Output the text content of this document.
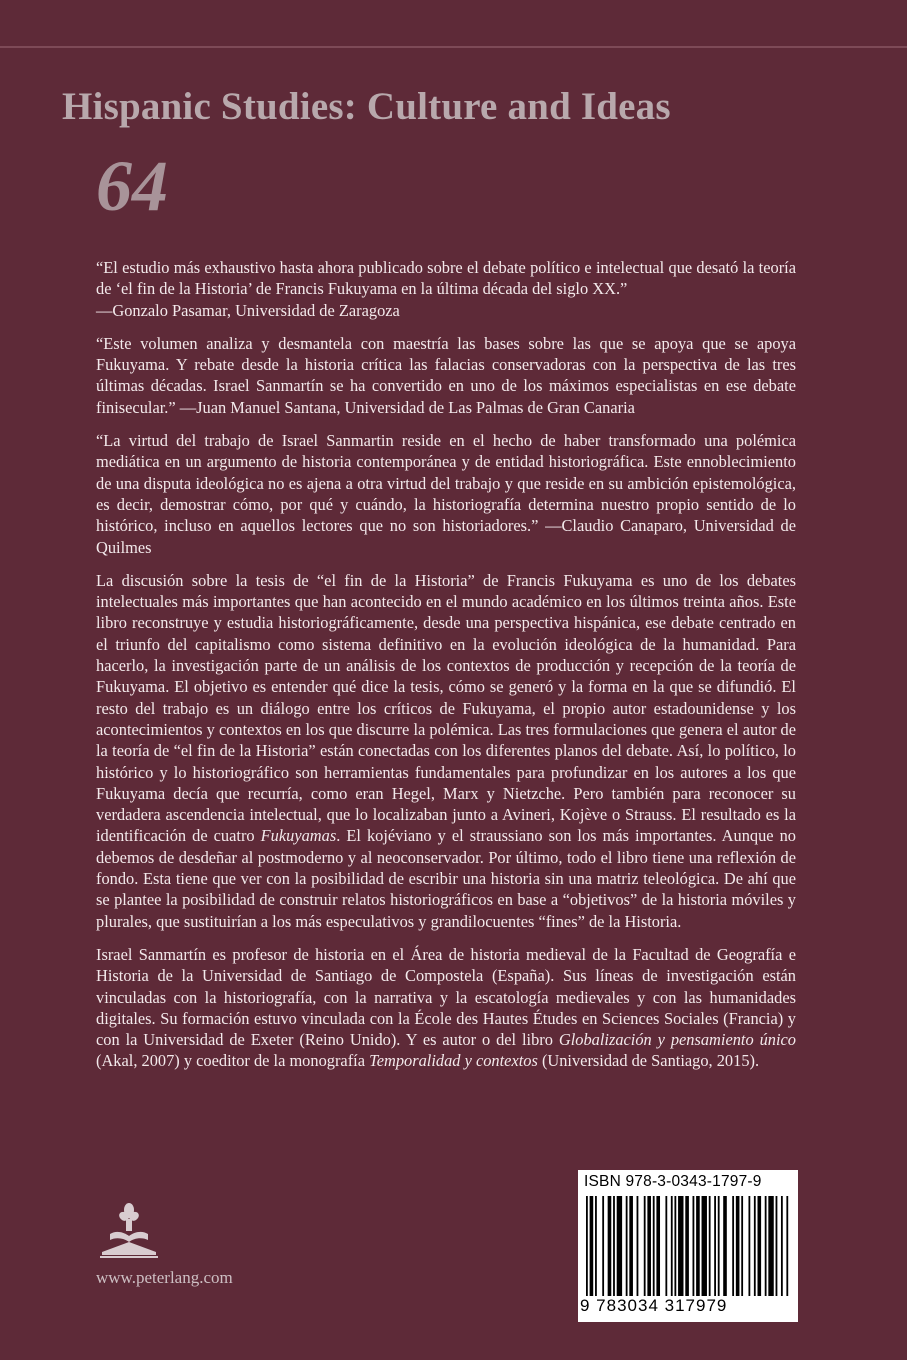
Hispanic Studies: Culture and Ideas
64

“El estudio más exhaustivo hasta ahora publicado sobre el debate político e intelectual que desató la teoría de ‘el fin de la Historia’ de Francis Fukuyama en la última década del siglo XX.”
—Gonzalo Pasamar, Universidad de Zaragoza

“Este volumen analiza y desmantela con maestría las bases sobre las que se apoya que se apoya Fukuyama. Y rebate desde la historia crítica las falacias conservadoras con la perspectiva de las tres últimas décadas. Israel Sanmartín se ha convertido en uno de los máximos especialistas en ese debate finisecular.” —Juan Manuel Santana, Universidad de Las Palmas de Gran Canaria

“La virtud del trabajo de Israel Sanmartin reside en el hecho de haber transformado una polémica mediática en un argumento de historia contemporánea y de entidad historiográfica. Este ennoblecimiento de una disputa ideológica no es ajena a otra virtud del trabajo y que reside en su ambición epistemológica, es decir, demostrar cómo, por qué y cuándo, la historiografía determina nuestro propio sentido de lo histórico, incluso en aquellos lectores que no son historiadores.” —Claudio Canaparo, Universidad de Quilmes

La discusión sobre la tesis de “el fin de la Historia” de Francis Fukuyama es uno de los debates intelectuales más importantes que han acontecido en el mundo académico en los últimos treinta años. Este libro reconstruye y estudia historiográficamente, desde una perspectiva hispánica, ese debate centrado en el triunfo del capitalismo como sistema definitivo en la evolución ideológica de la humanidad. Para hacerlo, la investigación parte de un análisis de los contextos de producción y recepción de la teoría de Fukuyama. El objetivo es entender qué dice la tesis, cómo se generó y la forma en la que se difundió. El resto del trabajo es un diálogo entre los críticos de Fukuyama, el propio autor estadounidense y los acontecimientos y contextos en los que discurre la polémica. Las tres formulaciones que genera el autor de la teoría de “el fin de la Historia” están conectadas con los diferentes planos del debate. Así, lo político, lo histórico y lo historiográfico son herramientas fundamentales para profundizar en los autores a los que Fukuyama decía que recurría, como eran Hegel, Marx y Nietzche. Pero también para reconocer su verdadera ascendencia intelectual, que lo localizaban junto a Avineri, Kojève o Strauss. El resultado es la identificación de cuatro Fukuyamas. El kojéviano y el straussiano son los más importantes. Aunque no debemos de desdeñar al postmoderno y al neoconservador. Por último, todo el libro tiene una reflexión de fondo. Esta tiene que ver con la posibilidad de escribir una historia sin una matriz teleológica. De ahí que se plantee la posibilidad de construir relatos historiográficos en base a “objetivos” de la historia móviles y plurales, que sustituirían a los más especulativos y grandilocuentes “fines” de la Historia.

Israel Sanmartín es profesor de historia en el Área de historia medieval de la Facultad de Geografía e Historia de la Universidad de Santiago de Compostela (España). Sus líneas de investigación están vinculadas con la historiografía, con la narrativa y la escatología medievales y con las humanidades digitales. Su formación estuvo vinculada con la École des Hautes Études en Sciences Sociales (Francia) y con la Universidad de Exeter (Reino Unido). Y es autor o del libro Globalización y pensamiento único (Akal, 2007) y coeditor de la monografía Temporalidad y contextos (Universidad de Santiago, 2015).

www.peterlang.com
ISBN 978-3-0343-1797-9
9 783034 317979
